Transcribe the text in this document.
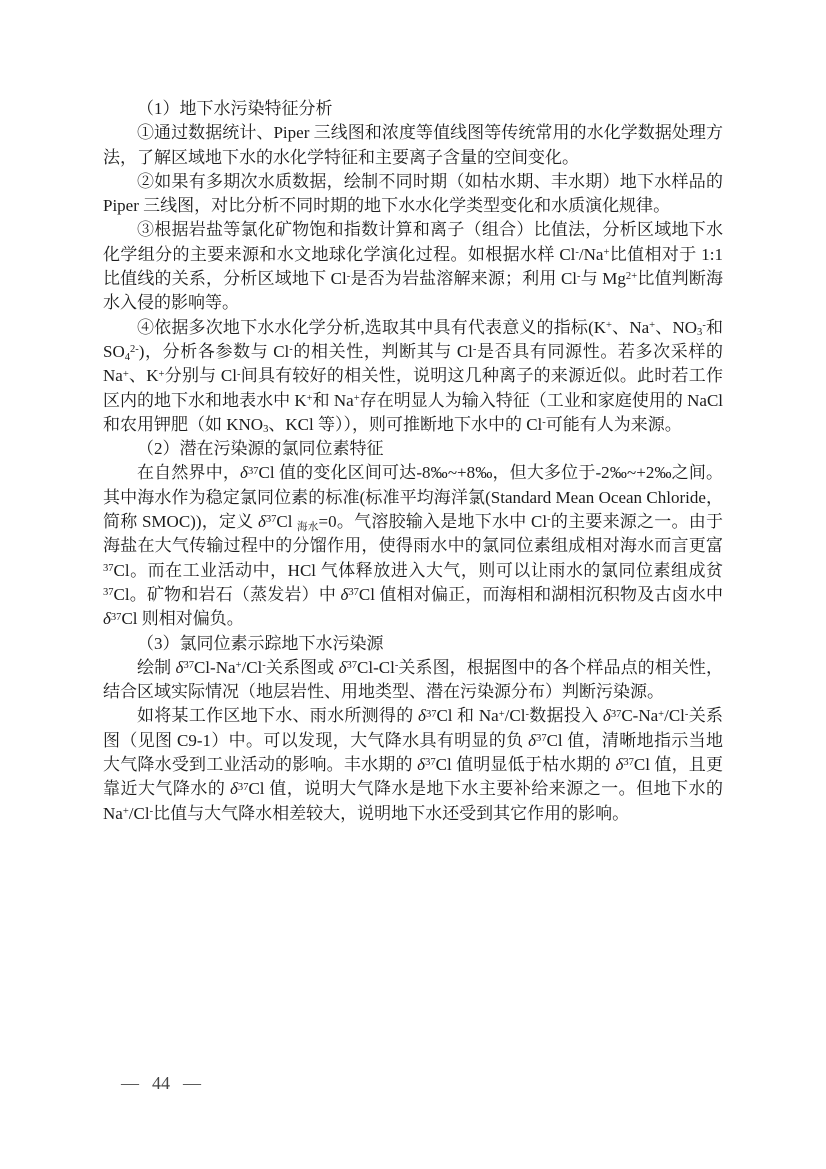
（1）地下水污染特征分析

①通过数据统计、Piper 三线图和浓度等值线图等传统常用的水化学数据处理方法，了解区域地下水的水化学特征和主要离子含量的空间变化。

②如果有多期次水质数据，绘制不同时期（如枯水期、丰水期）地下水样品的 Piper 三线图，对比分析不同时期的地下水水化学类型变化和水质演化规律。

③根据岩盐等氯化矿物饱和指数计算和离子（组合）比值法，分析区域地下水化学组分的主要来源和水文地球化学演化过程。如根据水样 Cl-/Na+比值相对于 1:1 比值线的关系，分析区域地下 Cl-是否为岩盐溶解来源；利用 Cl-与 $Mg^{2+}$比值判断海水入侵的影响等。

④依据多次地下水水化学分析,选取其中具有代表意义的指标(K+、Na+、$NO_3^-$和 $SO_4^{2-}$)，分析各参数与 Cl-的相关性，判断其与 Cl-是否具有同源性。若多次采样的 Na+、K+分别与 Cl-间具有较好的相关性，说明这几种离子的来源近似。此时若工作区内的地下水和地表水中 K+和 Na+存在明显人为输入特征（工业和家庭使用的 NaCl 和农用钾肥（如 $KNO_3$、KCl 等）），则可推断地下水中的 Cl-可能有人为来源。

（2）潜在污染源的氯同位素特征

在自然界中，$\delta^{37}Cl$ 值的变化区间可达-8‰~+8‰，但大多位于-2‰~+2‰之间。其中海水作为稳定氯同位素的标准(标准平均海洋氯(Standard Mean Ocean Chloride，简称 SMOC))，定义 $\delta^{37}Cl$ $_{海水}$=0。气溶胶输入是地下水中 Cl-的主要来源之一。由于海盐在大气传输过程中的分馏作用，使得雨水中的氯同位素组成相对海水而言更富 $^{37}$Cl。而在工业活动中，HCl 气体释放进入大气，则可以让雨水的氯同位素组成贫 $^{37}$Cl。矿物和岩石（蒸发岩）中 $\delta^{37}Cl$ 值相对偏正，而海相和湖相沉积物及古卤水中 $\delta^{37}Cl$ 则相对偏负。

（3）氯同位素示踪地下水污染源

绘制 $\delta^{37}Cl-Na^+/Cl^-$关系图或 $\delta^{37}Cl-Cl^-$关系图，根据图中的各个样品点的相关性，结合区域实际情况（地层岩性、用地类型、潜在污染源分布）判断污染源。

如将某工作区地下水、雨水所测得的 $\delta^{37}Cl$ 和 Na+/Cl-数据投入 $\delta^{37}C-Na^+/Cl^-$关系图（见图 C9-1）中。可以发现，大气降水具有明显的负 $\delta^{37}Cl$ 值，清晰地指示当地大气降水受到工业活动的影响。丰水期的 $\delta^{37}Cl$ 值明显低于枯水期的 $\delta^{37}Cl$ 值，且更靠近大气降水的 $\delta^{37}Cl$ 值，说明大气降水是地下水主要补给来源之一。但地下水的 Na+/Cl-比值与大气降水相差较大，说明地下水还受到其它作用的影响。

— 44 —
